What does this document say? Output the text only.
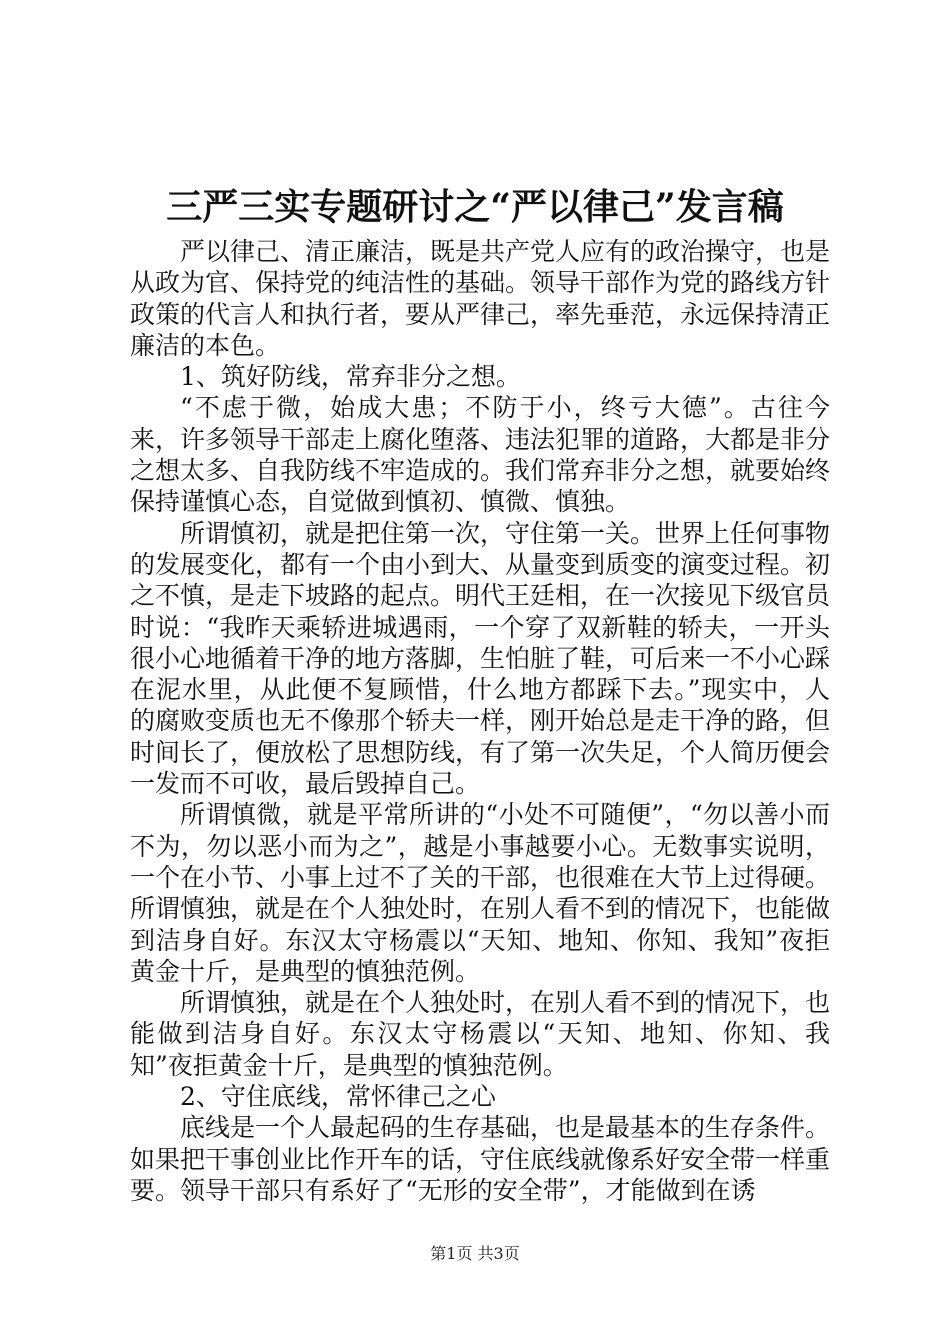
三严三实专题研讨之“严以律己”发言稿

严以律己、清正廉洁，既是共产党人应有的政治操守，也是从政为官、保持党的纯洁性的基础。领导干部作为党的路线方针政策的代言人和执行者，要从严律己，率先垂范，永远保持清正廉洁的本色。

1、筑好防线，常弃非分之想。

“不虑于微，始成大患；不防于小，终亏大德”。古往今来，许多领导干部走上腐化堕落、违法犯罪的道路，大都是非分之想太多、自我防线不牢造成的。我们常弃非分之想，就要始终保持谨慎心态，自觉做到慎初、慎微、慎独。

所谓慎初，就是把住第一次，守住第一关。世界上任何事物的发展变化，都有一个由小到大、从量变到质变的演变过程。初之不慎，是走下坡路的起点。明代王廷相，在一次接见下级官员时说：“我昨天乘轿进城遇雨，一个穿了双新鞋的轿夫，一开头很小心地循着干净的地方落脚，生怕脏了鞋，可后来一不小心踩在泥水里，从此便不复顾惜，什么地方都踩下去。”现实中，人的腐败变质也无不像那个轿夫一样，刚开始总是走干净的路，但时间长了，便放松了思想防线，有了第一次失足，个人简历便会一发而不可收，最后毁掉自己。

所谓慎微，就是平常所讲的“小处不可随便”，“勿以善小而不为，勿以恶小而为之”，越是小事越要小心。无数事实说明，一个在小节、小事上过不了关的干部，也很难在大节上过得硬。所谓慎独，就是在个人独处时，在别人看不到的情况下，也能做到洁身自好。东汉太守杨震以“天知、地知、你知、我知”夜拒黄金十斤，是典型的慎独范例。

所谓慎独，就是在个人独处时，在别人看不到的情况下，也能做到洁身自好。东汉太守杨震以“天知、地知、你知、我知”夜拒黄金十斤，是典型的慎独范例。

2、守住底线，常怀律己之心

底线是一个人最起码的生存基础，也是最基本的生存条件。如果把干事创业比作开车的话，守住底线就像系好安全带一样重要。领导干部只有系好了“无形的安全带”，才能做到在诱

第1页 共3页
